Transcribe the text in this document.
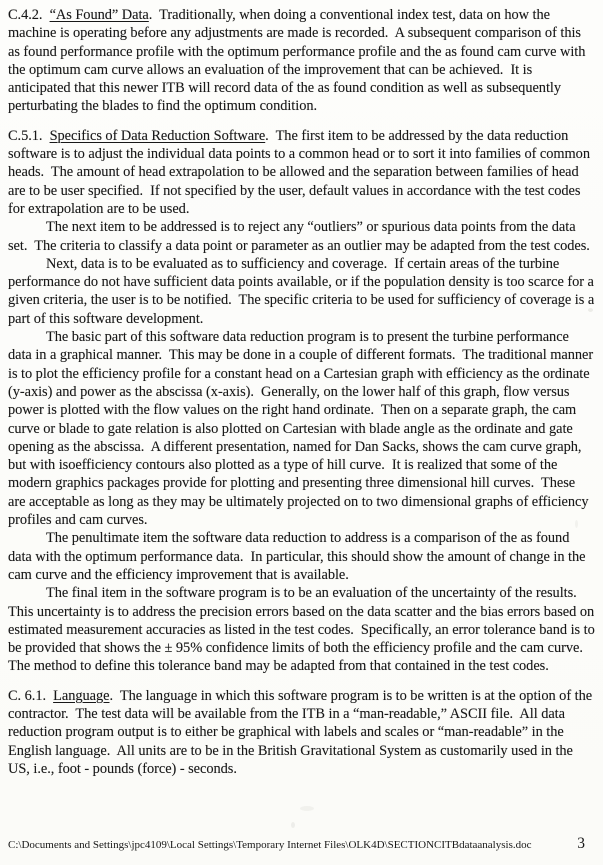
C.4.2.  “As Found” Data.  Traditionally, when doing a conventional index test, data on how the machine is operating before any adjustments are made is recorded.  A subsequent comparison of this as found performance profile with the optimum performance profile and the as found cam curve with the optimum cam curve allows an evaluation of the improvement that can be achieved.  It is anticipated that this newer ITB will record data of the as found condition as well as subsequently perturbating the blades to find the optimum condition.

C.5.1.  Specifics of Data Reduction Software.  The first item to be addressed by the data reduction software is to adjust the individual data points to a common head or to sort it into families of common heads.  The amount of head extrapolation to be allowed and the separation between families of head are to be user specified.  If not specified by the user, default values in accordance with the test codes for extrapolation are to be used.

The next item to be addressed is to reject any “outliers” or spurious data points from the data set.  The criteria to classify a data point or parameter as an outlier may be adapted from the test codes.

Next, data is to be evaluated as to sufficiency and coverage.  If certain areas of the turbine performance do not have sufficient data points available, or if the population density is too scarce for a given criteria, the user is to be notified.  The specific criteria to be used for sufficiency of coverage is a part of this software development.

The basic part of this software data reduction program is to present the turbine performance data in a graphical manner.  This may be done in a couple of different formats.  The traditional manner is to plot the efficiency profile for a constant head on a Cartesian graph with efficiency as the ordinate (y-axis) and power as the abscissa (x-axis).  Generally, on the lower half of this graph, flow versus power is plotted with the flow values on the right hand ordinate.  Then on a separate graph, the cam curve or blade to gate relation is also plotted on Cartesian with blade angle as the ordinate and gate opening as the abscissa.  A different presentation, named for Dan Sacks, shows the cam curve graph, but with isoefficiency contours also plotted as a type of hill curve.  It is realized that some of the modern graphics packages provide for plotting and presenting three dimensional hill curves.  These are acceptable as long as they may be ultimately projected on to two dimensional graphs of efficiency profiles and cam curves.

The penultimate item the software data reduction to address is a comparison of the as found data with the optimum performance data.  In particular, this should show the amount of change in the cam curve and the efficiency improvement that is available.

The final item in the software program is to be an evaluation of the uncertainty of the results.  This uncertainty is to address the precision errors based on the data scatter and the bias errors based on estimated measurement accuracies as listed in the test codes.  Specifically, an error tolerance band is to be provided that shows the ± 95% confidence limits of both the efficiency profile and the cam curve.  The method to define this tolerance band may be adapted from that contained in the test codes.

C. 6.1.  Language.  The language in which this software program is to be written is at the option of the contractor.  The test data will be available from the ITB in a “man-readable,” ASCII file.  All data reduction program output is to either be graphical with labels and scales or “man-readable” in the English language.  All units are to be in the British Gravitational System as customarily used in the US, i.e., foot - pounds (force) - seconds.

C:\Documents and Settings\jpc4109\Local Settings\Temporary Internet Files\OLK4D\SECTIONCITBdataanalysis.doc	3
